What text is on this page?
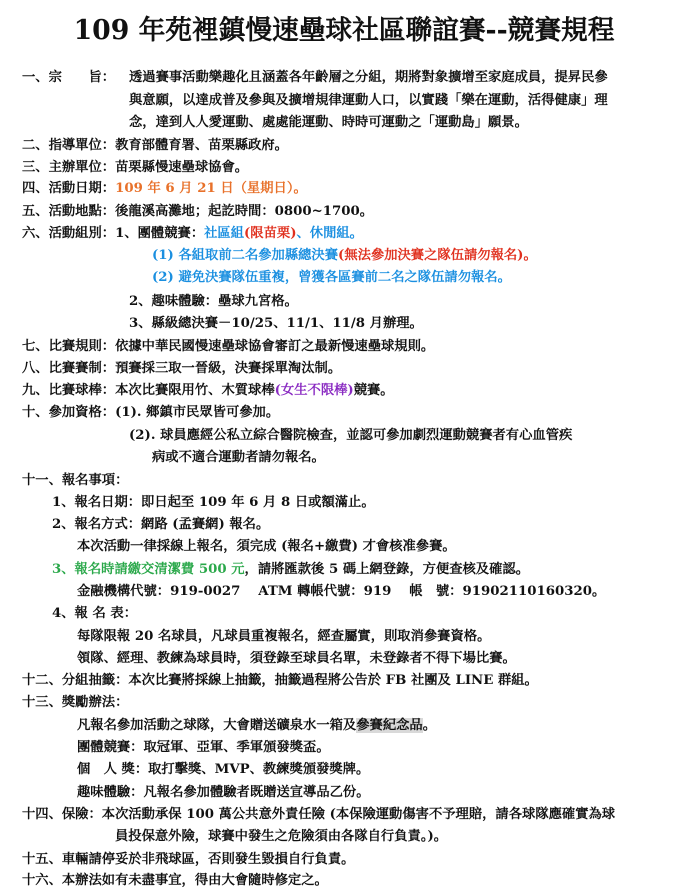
109 年苑裡鎮慢速壘球社區聯誼賽--競賽規程
一、宗　　旨： 透過賽事活動樂趣化且涵蓋各年齡層之分組，期將對象擴增至家庭成員，提昇民參
與意願，以達成普及參與及擴增規律運動人口，以實踐「樂在運動，活得健康」理
念，達到人人愛運動、處處能運動、時時可運動之「運動島」願景。
二、指導單位：教育部體育署、苗栗縣政府。
三、主辦單位：苗栗縣慢速壘球協會。
四、活動日期：109 年 6 月 21 日（星期日）。
五、活動地點：後龍溪高灘地；起訖時間：0800~1700。
六、活動組別：1、團體競賽：社區組(限苗栗)、休閒組。
(1) 各組取前二名參加縣總決賽(無法參加決賽之隊伍請勿報名)。
(2) 避免決賽隊伍重複，曾獲各區賽前二名之隊伍請勿報名。
2、趣味體驗：壘球九宮格。
3、縣級總決賽－10/25、11/1、11/8 月辦理。
七、比賽規則：依據中華民國慢速壘球協會審訂之最新慢速壘球規則。
八、比賽賽制：預賽採三取一晉級，決賽採單淘汰制。
九、比賽球棒：本次比賽限用竹、木質球棒(女生不限棒)競賽。
十、參加資格：(1). 鄉鎮市民眾皆可參加。
(2). 球員應經公私立綜合醫院檢查，並認可參加劇烈運動競賽者有心血管疾
病或不適合運動者請勿報名。
十一、報名事項：
1、報名日期：即日起至 109 年 6 月 8 日或額滿止。
2、報名方式：網路 (孟賽網) 報名。
本次活動一律採線上報名，須完成 (報名+繳費) 才會核准參賽。
3、報名時請繳交清潔費 500 元，請將匯款後 5 碼上網登錄，方便查核及確認。
金融機構代號：919-0027　 ATM 轉帳代號：919　 帳　號：91902110160320。
4、報 名 表：
每隊限報 20 名球員，凡球員重複報名，經查屬實，則取消參賽資格。
領隊、經理、教練為球員時，須登錄至球員名單，未登錄者不得下場比賽。
十二、分組抽籤：本次比賽將採線上抽籤，抽籤過程將公告於 FB 社團及 LINE 群組。
十三、獎勵辦法：
凡報名參加活動之球隊，大會贈送礦泉水一箱及參賽紀念品。
團體競賽：取冠軍、亞軍、季軍頒發獎盃。
個　人 獎：取打擊獎、MVP、教練獎頒發獎牌。
趣味體驗：凡報名參加體驗者既贈送宣導品乙份。
十四、保險：本次活動承保 100 萬公共意外責任險 (本保險運動傷害不予理賠，請各球隊應確實為球
員投保意外險，球賽中發生之危險須由各隊自行負責。)。
十五、車輛請停妥於非飛球區，否則發生毀損自行負責。
十六、本辦法如有未盡事宜，得由大會隨時修定之。
